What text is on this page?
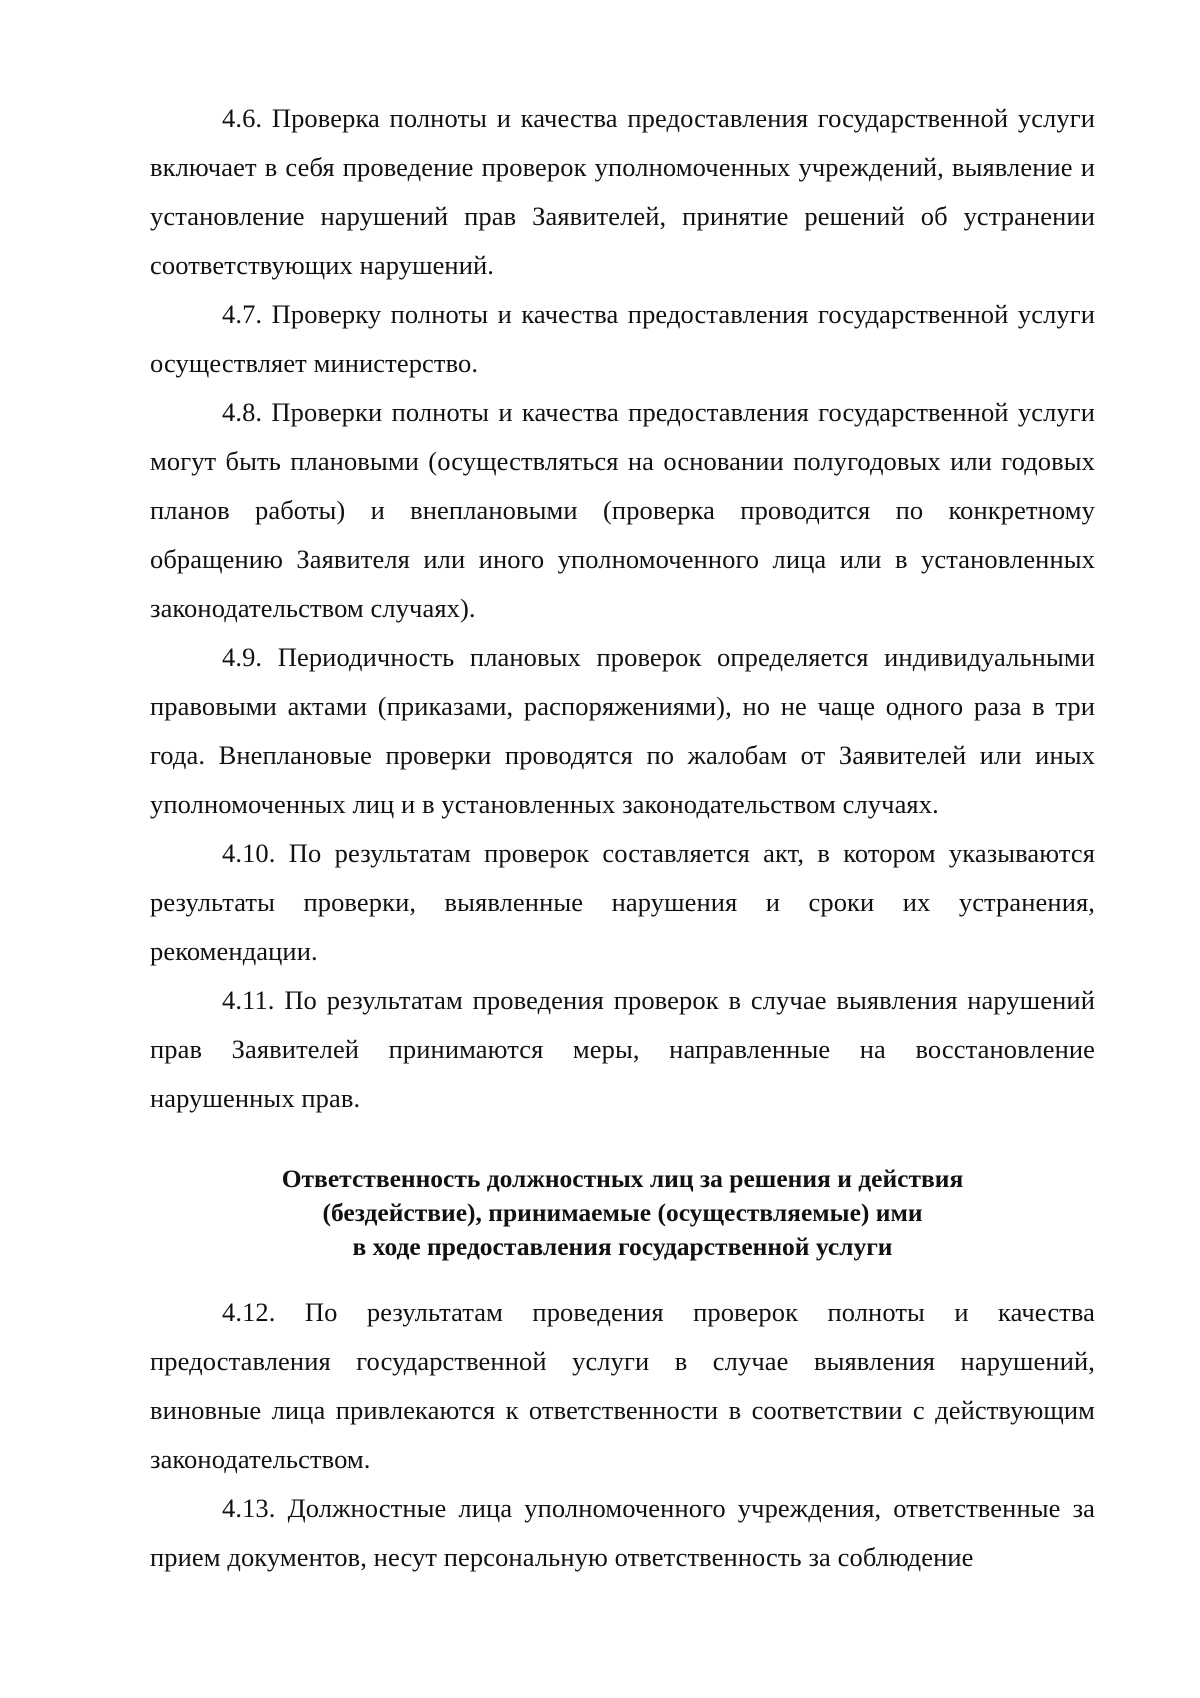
4.6. Проверка полноты и качества предоставления государственной услуги включает в себя проведение проверок уполномоченных учреждений, выявление и установление нарушений прав Заявителей, принятие решений об устранении соответствующих нарушений.

4.7. Проверку полноты и качества предоставления государственной услуги осуществляет министерство.

4.8. Проверки полноты и качества предоставления государственной услуги могут быть плановыми (осуществляться на основании полугодовых или годовых планов работы) и внеплановыми (проверка проводится по конкретному обращению Заявителя или иного уполномоченного лица или в установленных законодательством случаях).

4.9. Периодичность плановых проверок определяется индивидуальными правовыми актами (приказами, распоряжениями), но не чаще одного раза в три года. Внеплановые проверки проводятся по жалобам от Заявителей или иных уполномоченных лиц и в установленных законодательством случаях.

4.10. По результатам проверок составляется акт, в котором указываются результаты проверки, выявленные нарушения и сроки их устранения, рекомендации.

4.11. По результатам проведения проверок в случае выявления нарушений прав Заявителей принимаются меры, направленные на восстановление нарушенных прав.

Ответственность должностных лиц за решения и действия
(бездействие), принимаемые (осуществляемые) ими
в ходе предоставления государственной услуги

4.12. По результатам проведения проверок полноты и качества предоставления государственной услуги в случае выявления нарушений, виновные лица привлекаются к ответственности в соответствии с действующим законодательством.

4.13. Должностные лица уполномоченного учреждения, ответственные за прием документов, несут персональную ответственность за соблюдение
